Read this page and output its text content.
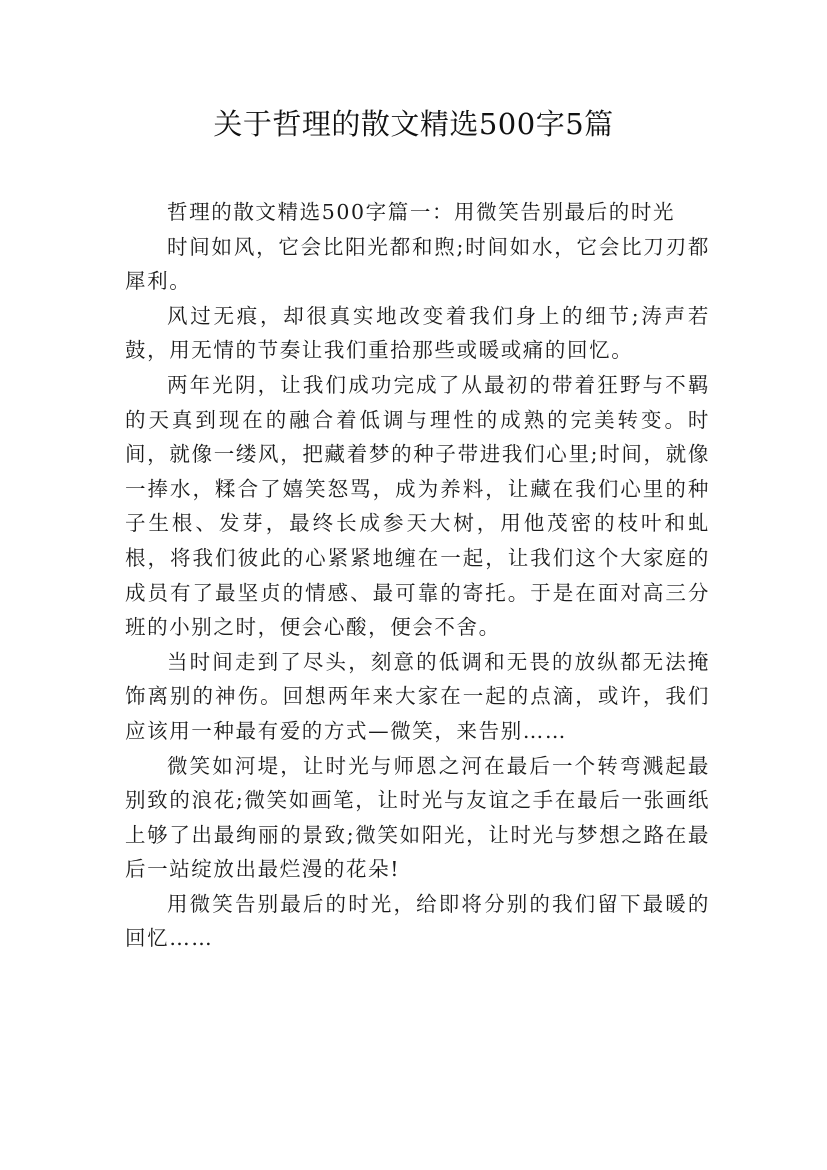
关于哲理的散文精选500字5篇

哲理的散文精选500字篇一：用微笑告别最后的时光

时间如风，它会比阳光都和煦;时间如水，它会比刀刃都犀利。

风过无痕，却很真实地改变着我们身上的细节;涛声若鼓，用无情的节奏让我们重拾那些或暖或痛的回忆。

两年光阴，让我们成功完成了从最初的带着狂野与不羁的天真到现在的融合着低调与理性的成熟的完美转变。时间，就像一缕风，把藏着梦的种子带进我们心里;时间，就像一捧水，糅合了嬉笑怒骂，成为养料，让藏在我们心里的种子生根、发芽，最终长成参天大树，用他茂密的枝叶和虬根，将我们彼此的心紧紧地缠在一起，让我们这个大家庭的成员有了最坚贞的情感、最可靠的寄托。于是在面对高三分班的小别之时，便会心酸，便会不舍。

当时间走到了尽头，刻意的低调和无畏的放纵都无法掩饰离别的神伤。回想两年来大家在一起的点滴，或许，我们应该用一种最有爱的方式—微笑，来告别……

微笑如河堤，让时光与师恩之河在最后一个转弯溅起最别致的浪花;微笑如画笔，让时光与友谊之手在最后一张画纸上够了出最绚丽的景致;微笑如阳光，让时光与梦想之路在最后一站绽放出最烂漫的花朵!

用微笑告别最后的时光，给即将分别的我们留下最暖的回忆……
